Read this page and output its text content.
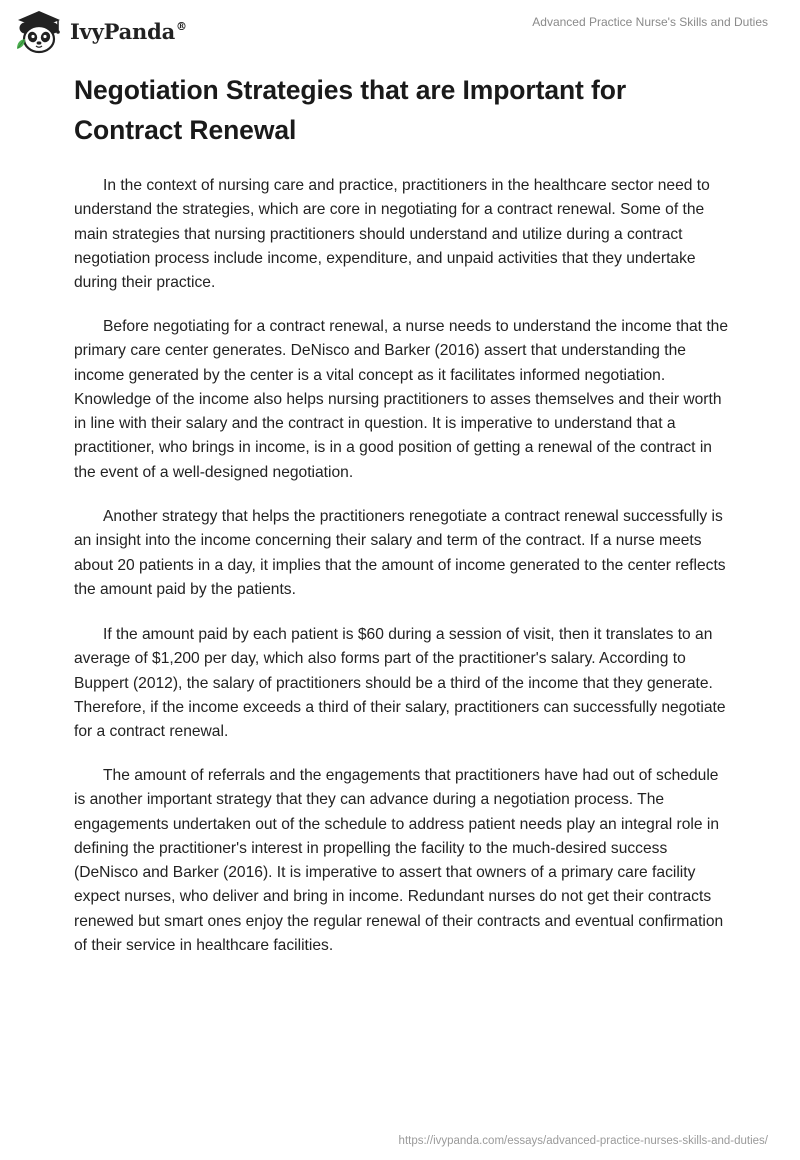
IvyPanda®	Advanced Practice Nurse's Skills and Duties
Negotiation Strategies that are Important for Contract Renewal

In the context of nursing care and practice, practitioners in the healthcare sector need to understand the strategies, which are core in negotiating for a contract renewal. Some of the main strategies that nursing practitioners should understand and utilize during a contract negotiation process include income, expenditure, and unpaid activities that they undertake during their practice.

Before negotiating for a contract renewal, a nurse needs to understand the income that the primary care center generates. DeNisco and Barker (2016) assert that understanding the income generated by the center is a vital concept as it facilitates informed negotiation. Knowledge of the income also helps nursing practitioners to asses themselves and their worth in line with their salary and the contract in question. It is imperative to understand that a practitioner, who brings in income, is in a good position of getting a renewal of the contract in the event of a well-designed negotiation.

Another strategy that helps the practitioners renegotiate a contract renewal successfully is an insight into the income concerning their salary and term of the contract. If a nurse meets about 20 patients in a day, it implies that the amount of income generated to the center reflects the amount paid by the patients.

If the amount paid by each patient is $60 during a session of visit, then it translates to an average of $1,200 per day, which also forms part of the practitioner's salary. According to Buppert (2012), the salary of practitioners should be a third of the income that they generate. Therefore, if the income exceeds a third of their salary, practitioners can successfully negotiate for a contract renewal.

The amount of referrals and the engagements that practitioners have had out of schedule is another important strategy that they can advance during a negotiation process. The engagements undertaken out of the schedule to address patient needs play an integral role in defining the practitioner's interest in propelling the facility to the much-desired success (DeNisco and Barker (2016). It is imperative to assert that owners of a primary care facility expect nurses, who deliver and bring in income. Redundant nurses do not get their contracts renewed but smart ones enjoy the regular renewal of their contracts and eventual confirmation of their service in healthcare facilities.

https://ivypanda.com/essays/advanced-practice-nurses-skills-and-duties/
